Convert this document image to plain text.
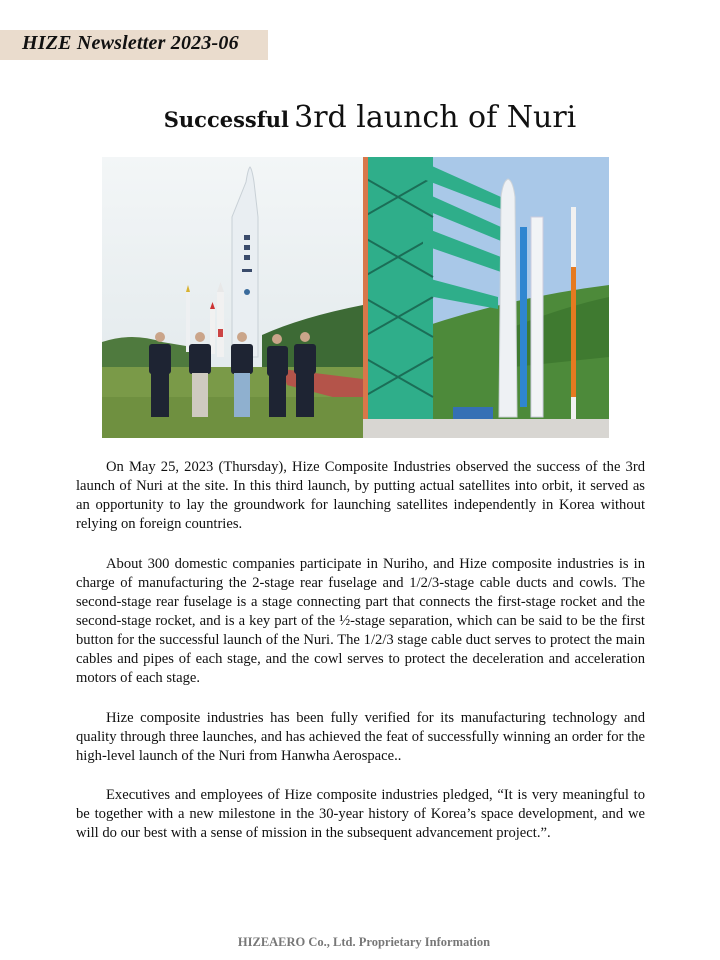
HIZE Newsletter 2023-06
Successful 3rd launch of Nuri

On May 25, 2023 (Thursday), Hize Composite Industries observed the success of the 3rd launch of Nuri at the site. In this third launch, by putting actual satellites into orbit, it served as an opportunity to lay the groundwork for launching satellites independently in Korea without relying on foreign countries.

About 300 domestic companies participate in Nuriho, and Hize composite industries is in charge of manufacturing the 2-stage rear fuselage and 1/2/3-stage cable ducts and cowls. The second-stage rear fuselage is a stage connecting part that connects the first-stage rocket and the second-stage rocket, and is a key part of the ½-stage separation, which can be said to be the first button for the successful launch of the Nuri. The 1/2/3 stage cable duct serves to protect the main cables and pipes of each stage, and the cowl serves to protect the deceleration and acceleration motors of each stage.

Hize composite industries has been fully verified for its manufacturing technology and quality through three launches, and has achieved the feat of successfully winning an order for the high-level launch of the Nuri from Hanwha Aerospace..

Executives and employees of Hize composite industries pledged, “It is very meaningful to be together with a new milestone in the 30-year history of Korea’s space development, and we will do our best with a sense of mission in the subsequent advancement project.”.

HIZEAERO Co., Ltd. Proprietary Information
